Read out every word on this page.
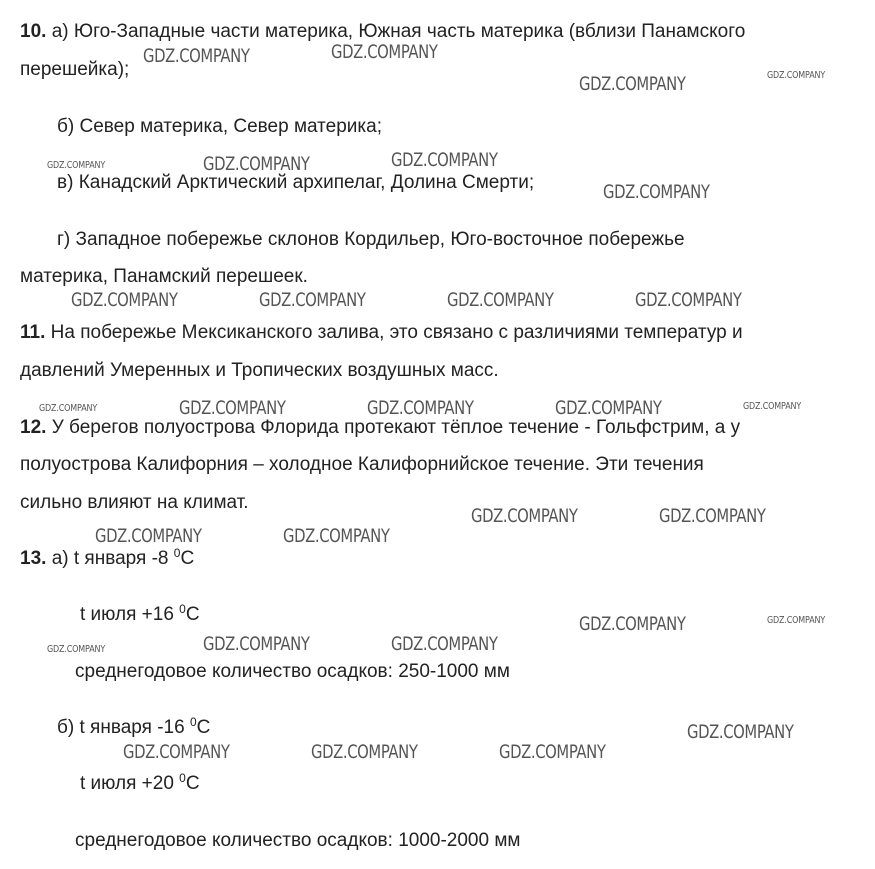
10. а) Юго-Западные части материка, Южная часть материка (вблизи Панамского
перешейка);
б) Север материка, Север материка;
в) Канадский Арктический архипелаг, Долина Смерти;
г) Западное побережье склонов Кордильер, Юго-восточное побережье
материка, Панамский перешеек.
11. На побережье Мексиканского залива, это связано с различиями температур и
давлений Умеренных и Тропических воздушных масс.
12. У берегов полуострова Флорида протекают тёплое течение - Гольфстрим, а у
полуострова Калифорния – холодное Калифорнийское течение. Эти течения
сильно влияют на климат.
13. а) t января -8 $^0$С
t июля +16 $^0$С
среднегодовое количество осадков: 250-1000 мм
б) t января -16 $^0$С
t июля +20 $^0$С
среднегодовое количество осадков: 1000-2000 мм
GDZ.COMPANY	GDZ.COMPANY
GDZ.COMPANY	GDZ.COMPANY
GDZ.COMPANY	GDZ.COMPANY	GDZ.COMPANY
GDZ.COMPANY
GDZ.COMPANY	GDZ.COMPANY	GDZ.COMPANY	GDZ.COMPANY
GDZ.COMPANY	GDZ.COMPANY	GDZ.COMPANY	GDZ.COMPANY	GDZ.COMPANY
GDZ.COMPANY	GDZ.COMPANY
GDZ.COMPANY	GDZ.COMPANY
GDZ.COMPANY	GDZ.COMPANY
GDZ.COMPANY	GDZ.COMPANY	GDZ.COMPANY
GDZ.COMPANY
GDZ.COMPANY	GDZ.COMPANY	GDZ.COMPANY
